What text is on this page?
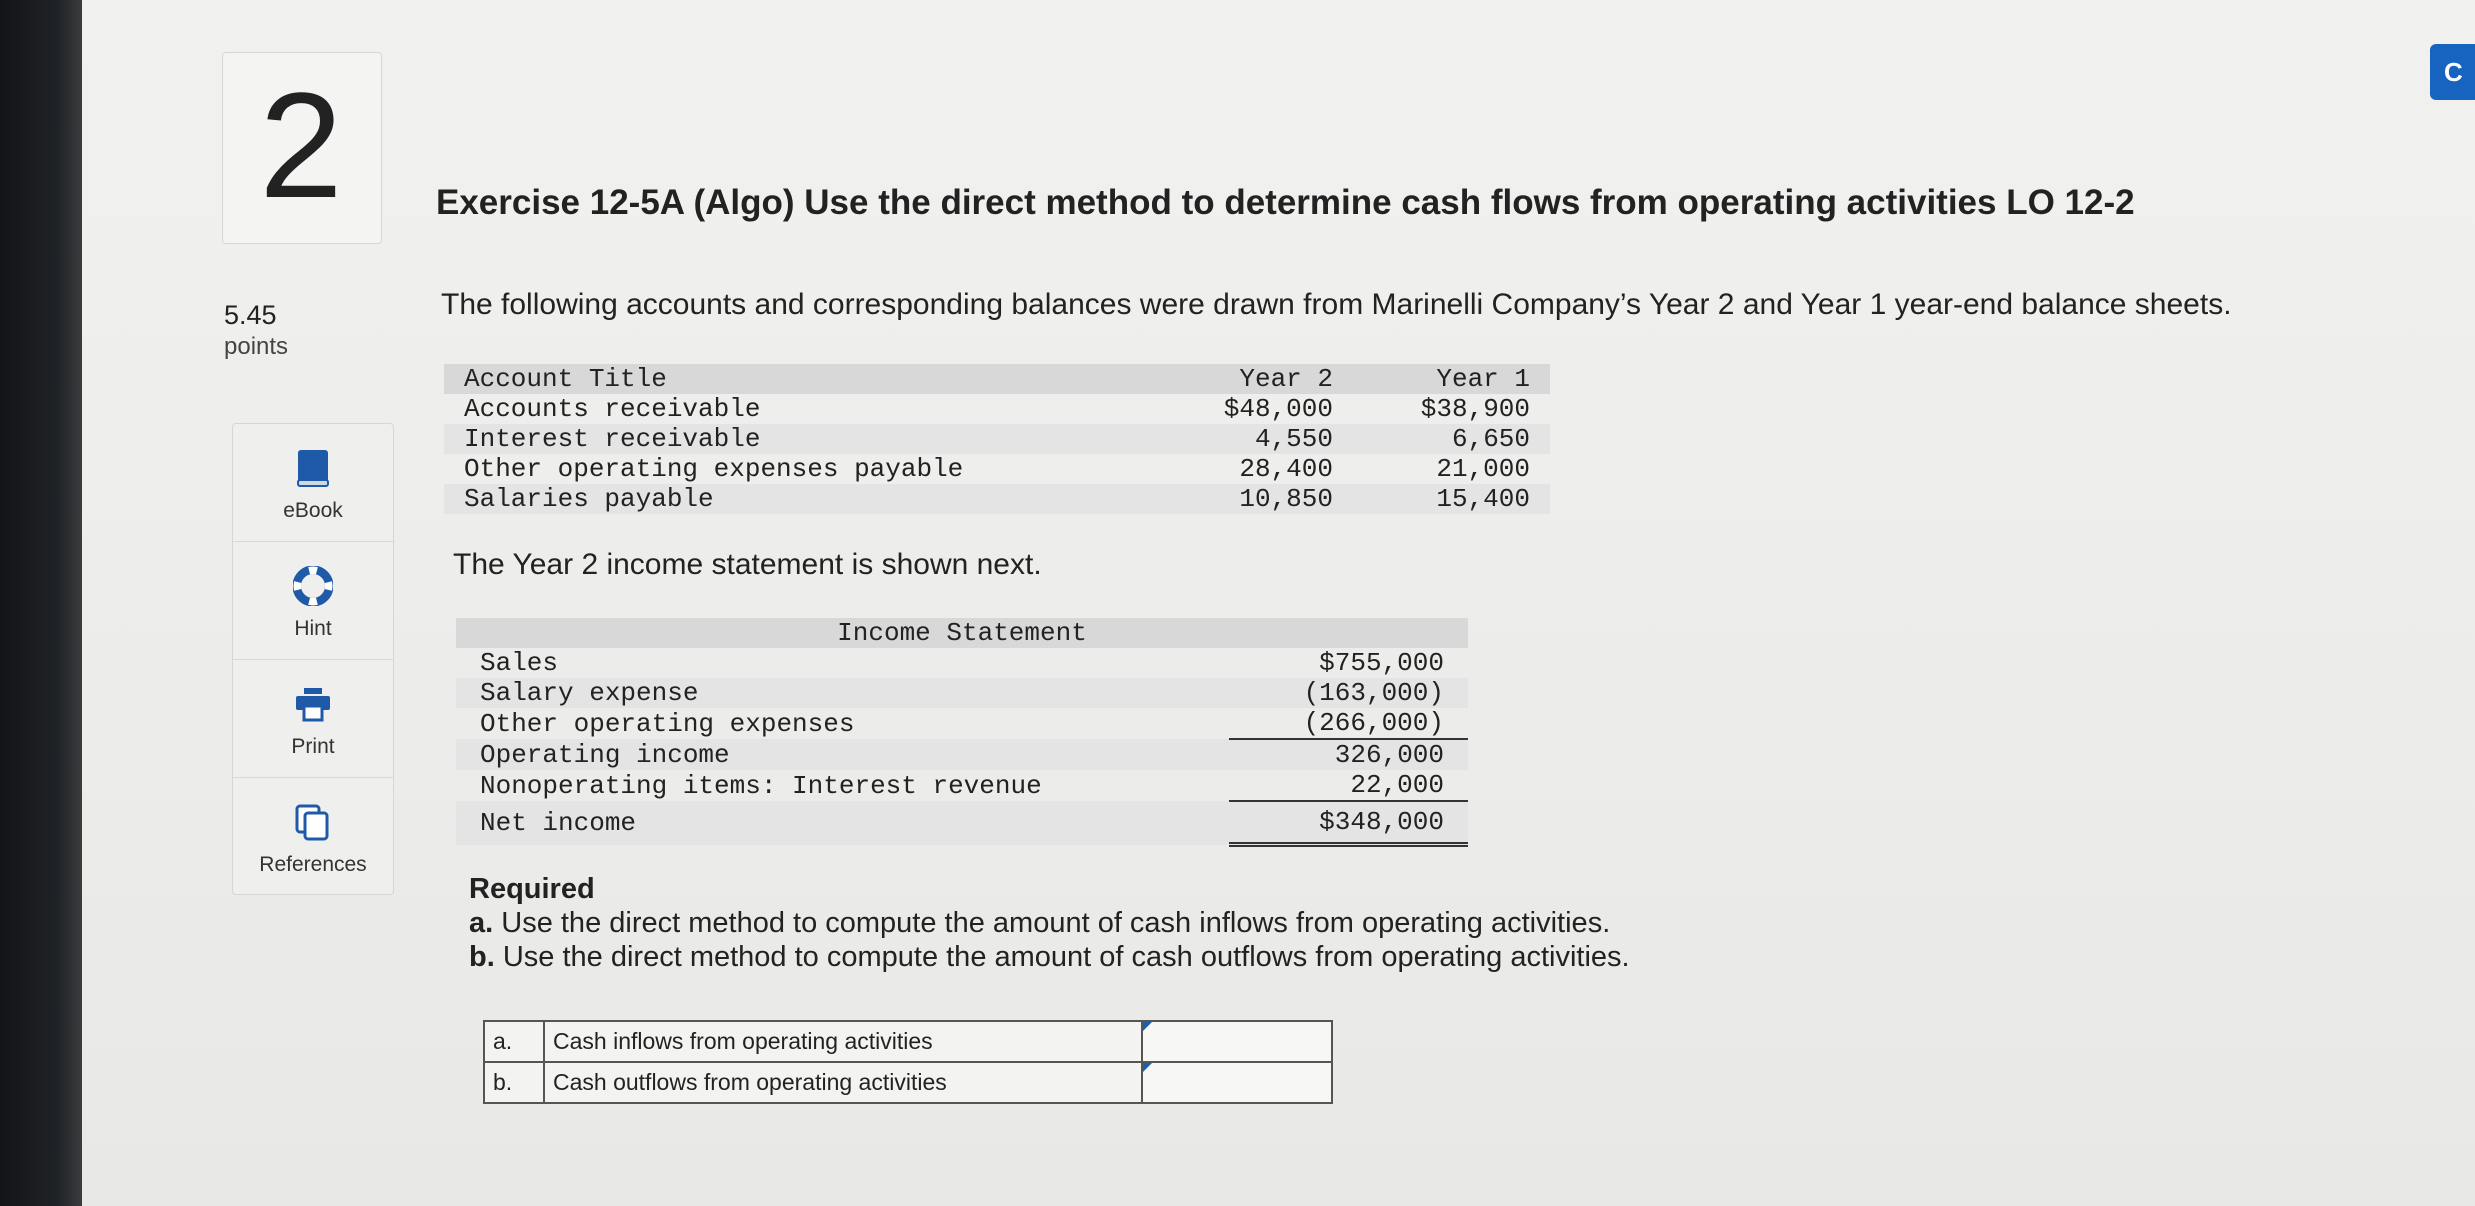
2
5.45
points
eBook
Hint
Print
References
Exercise 12-5A (Algo) Use the direct method to determine cash flows from operating activities LO 12-2
The following accounts and corresponding balances were drawn from Marinelli Company’s Year 2 and Year 1 year-end balance sheets.
Account Title	Year 2	Year 1
Accounts receivable	$48,000	$38,900
Interest receivable	4,550	6,650
Other operating expenses payable	28,400	21,000
Salaries payable	10,850	15,400
The Year 2 income statement is shown next.
Income Statement	
Sales	$755,000
Salary expense	(163,000)
Other operating expenses	(266,000)
Operating income	326,000
Nonoperating items: Interest revenue	22,000
Net income	$348,000
Required
a. Use the direct method to compute the amount of cash inflows from operating activities.
b. Use the direct method to compute the amount of cash outflows from operating activities.
a.	Cash inflows from operating activities	

b.	Cash outflows from operating activities	
C
